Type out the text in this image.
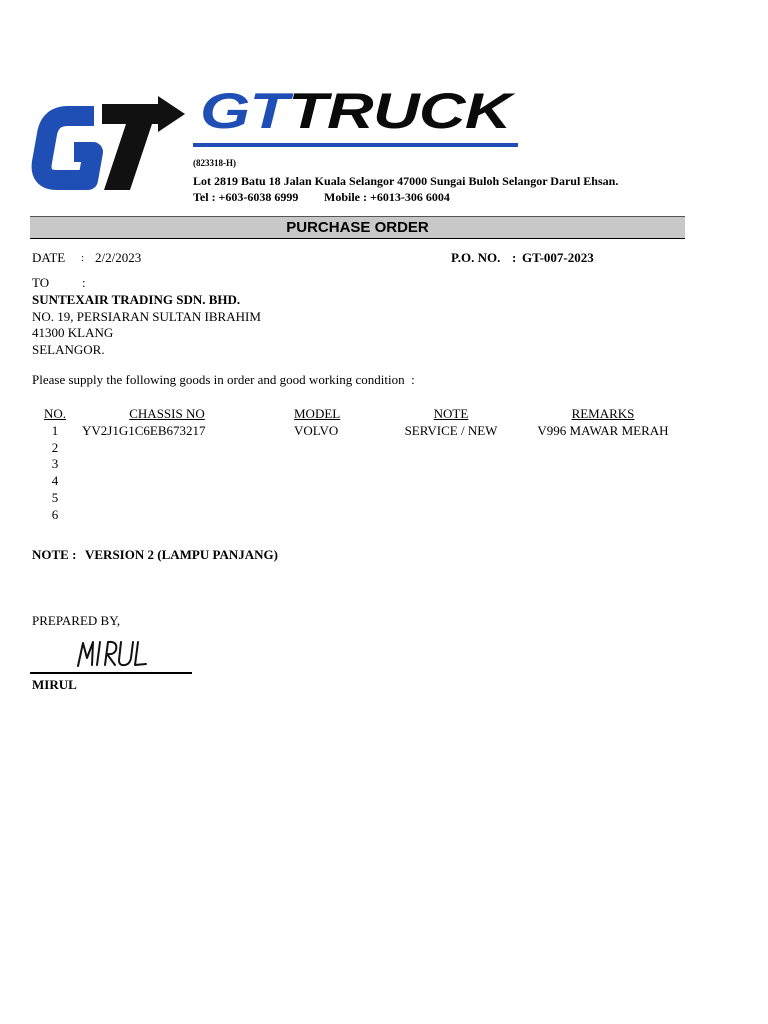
GTTRUCK
(823318-H)
Lot 2819 Batu 18 Jalan Kuala Selangor 47000 Sungai Buloh Selangor Darul Ehsan.
Tel : +603-6038 6999 Mobile : +6013-306 6004
PURCHASE ORDER
DATE : 2/2/2023	P.O. NO. : GT-007-2023
TO	:
SUNTEXAIR TRADING SDN. BHD.
NO. 19, PERSIARAN SULTAN IBRAHIM
41300 KLANG
SELANGOR.
Please supply the following goods in order and good working condition  :
NO.	CHASSIS NO	MODEL	NOTE	REMARKS
1	YV2J1G1C6EB673217	VOLVO	SERVICE / NEW	V996 MAWAR MERAH
2
3
4
5
6
NOTE : VERSION 2 (LAMPU PANJANG)
PREPARED BY,
MIRUL
